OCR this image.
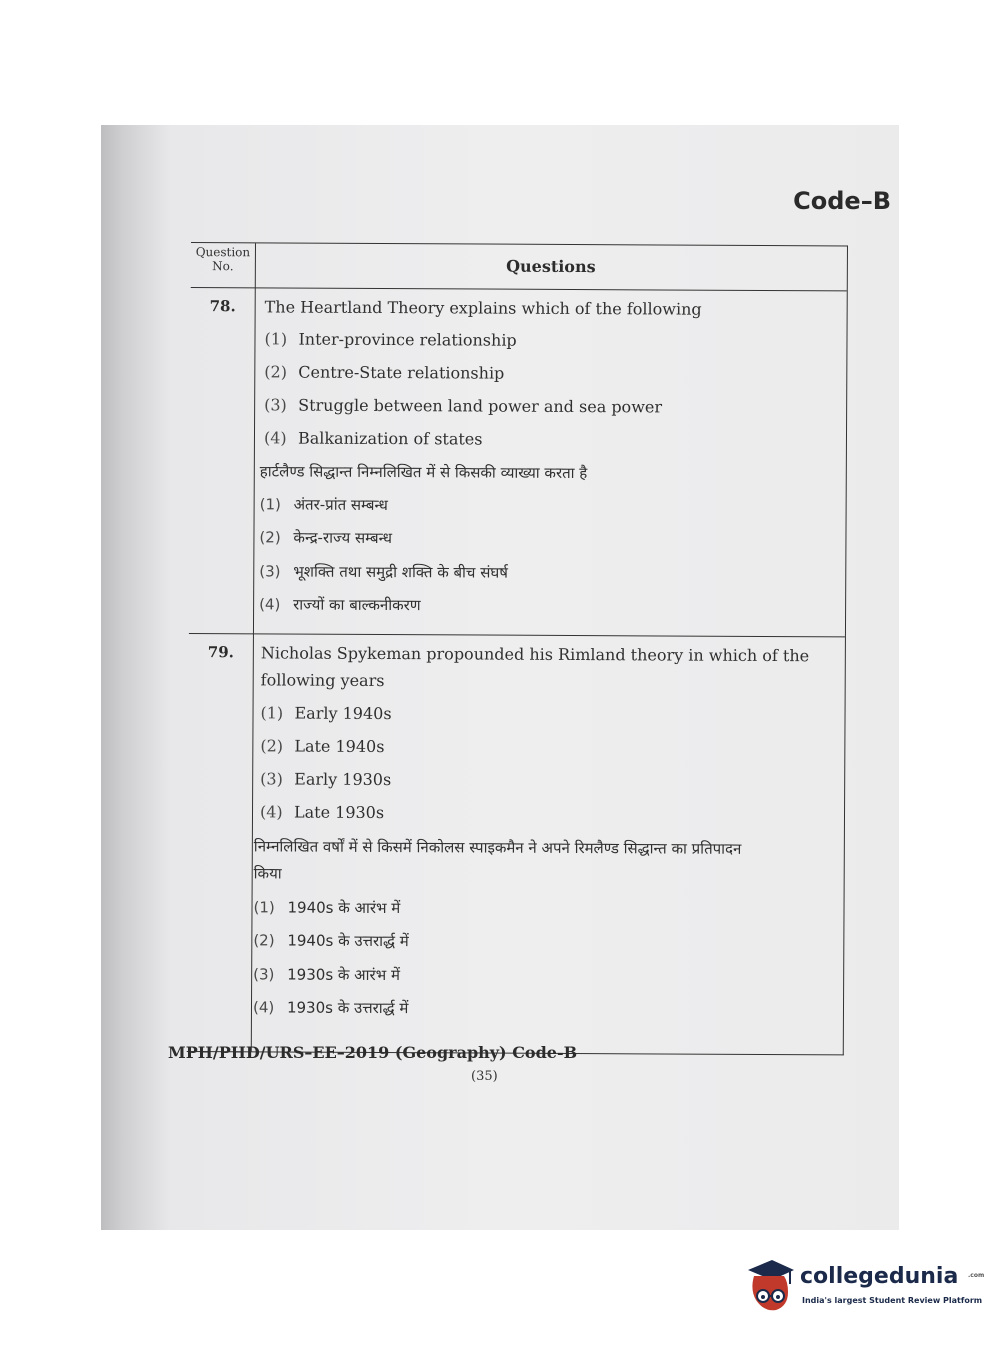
Code–B
Question No.	Questions
78.	The Heartland Theory explains which of the following
(1) Inter-province relationship
(2) Centre-State relationship
(3) Struggle between land power and sea power
(4) Balkanization of states
हार्टलैण्ड सिद्धान्त निम्नलिखित में से किसकी व्याख्या करता है
(1) अंतर-प्रांत सम्बन्ध
(2) केन्द्र-राज्य सम्बन्ध
(3) भूशक्ति तथा समुद्री शक्ति के बीच संघर्ष
(4) राज्यों का बाल्कनीकरण
79.	Nicholas Spykeman propounded his Rimland theory in which of the
following years
(1) Early 1940s
(2) Late 1940s
(3) Early 1930s
(4) Late 1930s
निम्नलिखित वर्षों में से किसमें निकोलस स्पाइकमैन ने अपने रिमलैण्ड सिद्धान्त का प्रतिपादन
किया
(1) 1940s के आरंभ में
(2) 1940s के उत्तरार्द्ध में
(3) 1930s के आरंभ में
(4) 1930s के उत्तरार्द्ध में
MPH/PHD/URS–EE–2019 (Geography) Code-B
(35)
collegedunia .com
India's largest Student Review Platform
